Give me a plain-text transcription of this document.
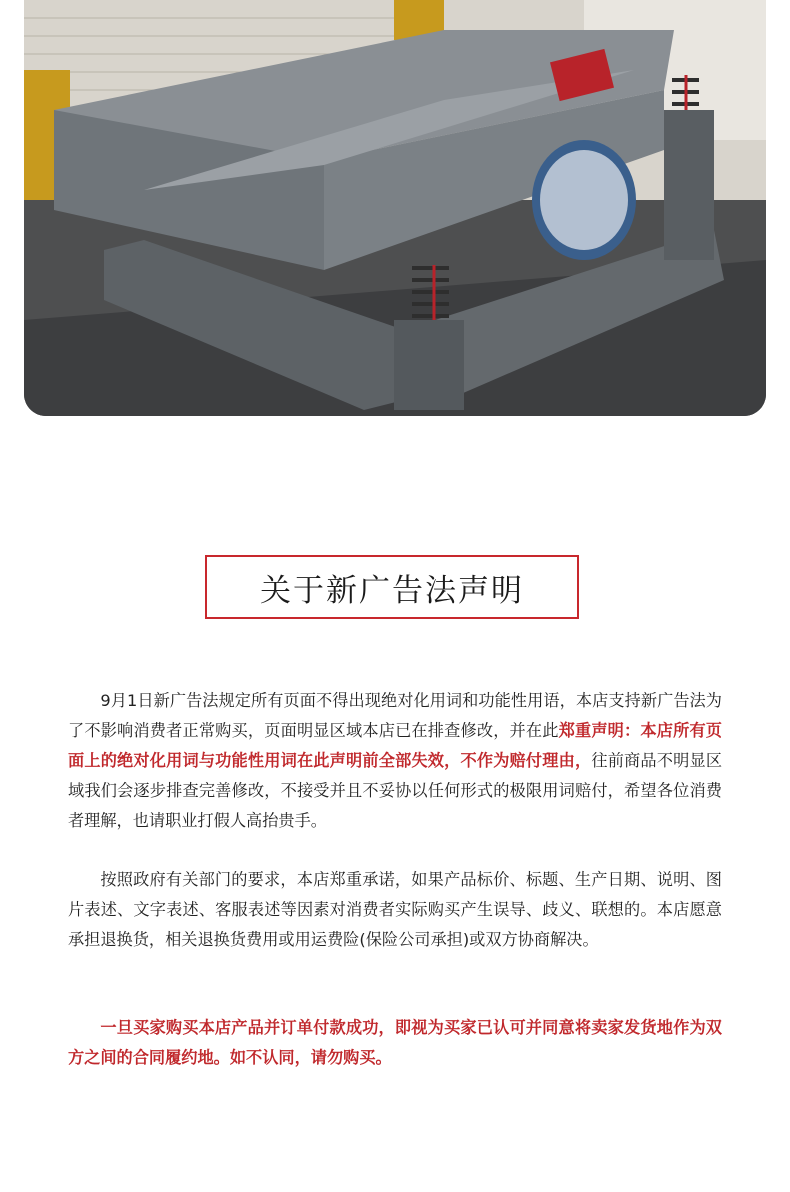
关于新广告法声明

9月1日新广告法规定所有页面不得出现绝对化用词和功能性用语，本店支持新广告法为了不影响消费者正常购买，页面明显区域本店已在排查修改，并在此郑重声明：本店所有页面上的绝对化用词与功能性用词在此声明前全部失效，不作为赔付理由，往前商品不明显区域我们会逐步排查完善修改，不接受并且不妥协以任何形式的极限用词赔付，希望各位消费者理解，也请职业打假人高抬贵手。

按照政府有关部门的要求，本店郑重承诺，如果产品标价、标题、生产日期、说明、图片表述、文字表述、客服表述等因素对消费者实际购买产生误导、歧义、联想的。本店愿意承担退换货，相关退换货费用或用运费险(保险公司承担)或双方协商解决。

一旦买家购买本店产品并订单付款成功，即视为买家已认可并同意将卖家发货地作为双方之间的合同履约地。如不认同，请勿购买。
